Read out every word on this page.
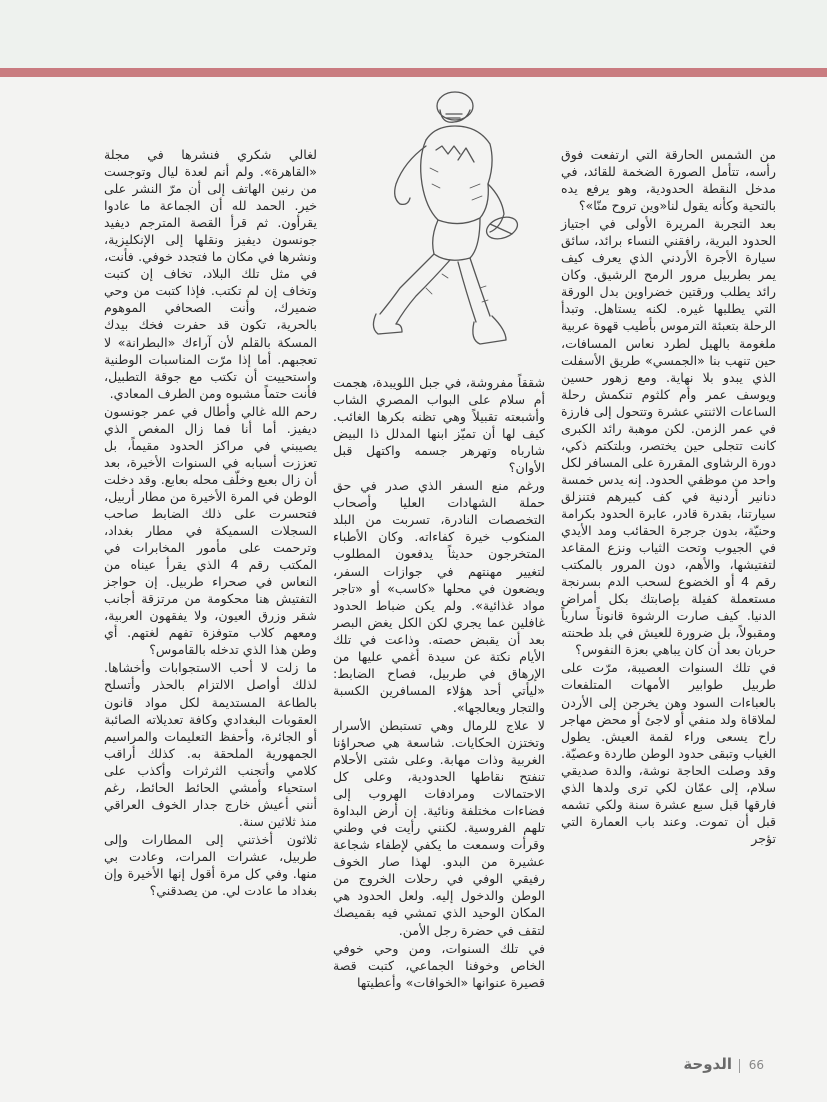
من الشمس الحارقة التي ارتفعت فوق رأسه، تتأمل الصورة الضخمة للقائد، في مدخل النقطة الحدودية، وهو يرفع يده بالتحية وكأنه يقول لنا«وين تروح منّا»؟

بعد التجربة المريرة الأولى في اجتياز الحدود البرية، رافقني النساء برائد، سائق سيارة الأجرة الأردني الذي يعرف كيف يمر بطربيل مرور الرمح الرشيق. وكان رائد يطلب ورقتين خضراوين بدل الورقة التي يطلبها غيره. لكنه يستاهل. وتبدأ الرحلة بتعبئة الترموس بأطيب قهوة عربية ملغومة بالهيل لطرد نعاس المسافات، حين تنهب بنا «الجمسي» طريق الأسفلت الذي يبدو بلا نهاية. ومع زهور حسين ويوسف عمر وأم كلثوم تنكمش رحلة الساعات الاثنتي عشرة وتتحول إلى فارزة في عمر الزمن. لكن موهبة رائد الكبرى كانت تتجلى حين يختصر، وبلتكتم ذكي، دورة الرشاوى المقررة على المسافر لكل واحد من موظفي الحدود. إنه يدس خمسة دنانير أردنية في كف كبيرهم فتنزلق سيارتنا، بقدرة قادر، عابرة الحدود بكرامة وحنيّة، بدون جرجرة الحقائب ومد الأيدي في الجيوب وتحت الثياب ونزع المقاعد لتفتيشها، والأهم، دون المرور بالمكتب رقم 4 أو الخضوع لسحب الدم بسرنجة مستعملة كفيلة بإصابتك بكل أمراض الدنيا. كيف صارت الرشوة قانوناً سارياً ومقبولاً، بل ضرورة للعيش في بلد طحنته حربان بعد أن كان يباهي بعزة النفوس؟

في تلك السنوات العصيبة، مرّت على طربيل طوابير الأمهات المتلفعات بالعباءات السود وهن يخرجن إلى الأردن لملاقاة ولد منفي أو لاجئ أو محض مهاجر راح يسعى وراء لقمة العيش. يطول الغياب وتبقى حدود الوطن طاردة وعصيّة. وقد وصلت الحاجة نوشة، والدة صديقي سلام، إلى عمّان لكي ترى ولدها الذي فارقها قبل سبع عشرة سنة ولكي تشمه قبل أن تموت. وعند باب العمارة التي تؤجر

شققاً مفروشة، في جبل اللويبدة، هجمت أم سلام على البواب المصري الشاب وأشبعته تقبيلاً وهي تظنه بكرها الغائب. كيف لها أن تميّز ابنها المدلل ذا البيض شارباه وتهرهر جسمه واكتهل قبل الأوان؟

ورغم منع السفر الذي صدر في حق حملة الشهادات العليا وأصحاب التخصصات النادرة، تسربت من البلد المنكوب خيرة كفاءاته. وكان الأطباء المتخرجون حديثاً يدفعون المطلوب لتغيير مهنتهم في جوازات السفر، ويضعون في محلها «كاسب» أو «تاجر مواد غذائية». ولم يكن ضباط الحدود غافلين عما يجري لكن الكل يغض البصر بعد أن يقبض حصته. وذاعت في تلك الأيام نكتة عن سيدة أغمي عليها من الإرهاق في طربيل، فصاح الضابط: «ليأتي أحد هؤلاء المسافرين الكسبة والتجار ويعالجها».

لا علاج للرمال وهي تستبطن الأسرار وتختزن الحكايات. شاسعة هي صحراؤنا الغربية وذات مهابة. وعلى شتى الأحلام تنفتح نقاطها الحدودية، وعلى كل الاحتمالات ومرادفات الهروب إلى فضاءات مختلفة ونائية. إن أرض البداوة تلهم الفروسية. لكنني رأيت في وطني وقرأت وسمعت ما يكفي لإطفاء شجاعة عشيرة من البدو. لهذا صار الخوف رفيقي الوفي في رحلات الخروج من الوطن والدخول إليه. ولعل الحدود هي المكان الوحيد الذي تمشي فيه بقميصك لتقف في حضرة رجل الأمن.

في تلك السنوات، ومن وحي خوفي الخاص وخوفنا الجماعي، كتبت قصة قصيرة عنوانها «الخوافات» وأعطيتها

لغالي شكري فنشرها في مجلة «القاهرة». ولم أنم لعدة ليال وتوجست من رنين الهاتف إلى أن مرّ النشر على خير. الحمد لله أن الجماعة ما عادوا يقرأون. ثم قرأ القصة المترجم ديفيد جونسون ديفيز ونقلها إلى الإنكليزية، ونشرها في مكان ما فتجدد خوفي. فأنت، في مثل تلك البلاد، تخاف إن كتبت وتخاف إن لم تكتب. فإذا كتبت من وحي ضميرك، وأنت الصحافي الموهوم بالحرية، تكون قد حفرت فخك بيدك المسكة بالقلم لأن آراءك «البطرانة» لا تعجبهم. أما إذا مرّت المناسبات الوطنية واستحييت أن تكتب مع جوقة التطبيل، فأنت حتماً مشبوه ومن الطرف المعادي.

رحم الله غالي وأطال في عمر جونسون ديفيز. أما أنا فما زال المغص الذي يصيبني في مراكز الحدود مقيماً، بل تعززت أسبابه في السنوات الأخيرة، بعد أن زال بعبع وخلّف محله بعابع. وقد دخلت الوطن في المرة الأخيرة من مطار أربيل، فتحسرت على ذلك الضابط صاحب السجلات السميكة في مطار بغداد، وترحمت على مأمور المخابرات في المكتب رقم 4 الذي يقرأ عيناه من النعاس في صحراء طربيل. إن حواجز التفتيش هنا محكومة من مرتزقة أجانب شقر وزرق العيون، ولا يفقهون العربية، ومعهم كلاب متوفزة تفهم لغتهم. أي وطن هذا الذي تدخله بالقاموس؟

ما زلت لا أحب الاستجوابات وأخشاها. لذلك أواصل الالتزام بالحذر وأتسلح بالطاعة المستديمة لكل مواد قانون العقوبات البغدادي وكافة تعديلاته الصائبة أو الجائرة، وأحفظ التعليمات والمراسيم الجمهورية الملحقة به. كذلك أراقب كلامي وأتجنب الثرثرات وأكذب على استحياء وأمشي الحائط الحائط، رغم أنني أعيش خارج جدار الخوف العراقي منذ ثلاثين سنة.

ثلاثون أخذتني إلى المطارات وإلى طربيل، عشرات المرات، وعادت بي منها. وفي كل مرة أقول إنها الأخيرة وإن بغداد ما عادت لي. من يصدقني؟

66
الدوحة
